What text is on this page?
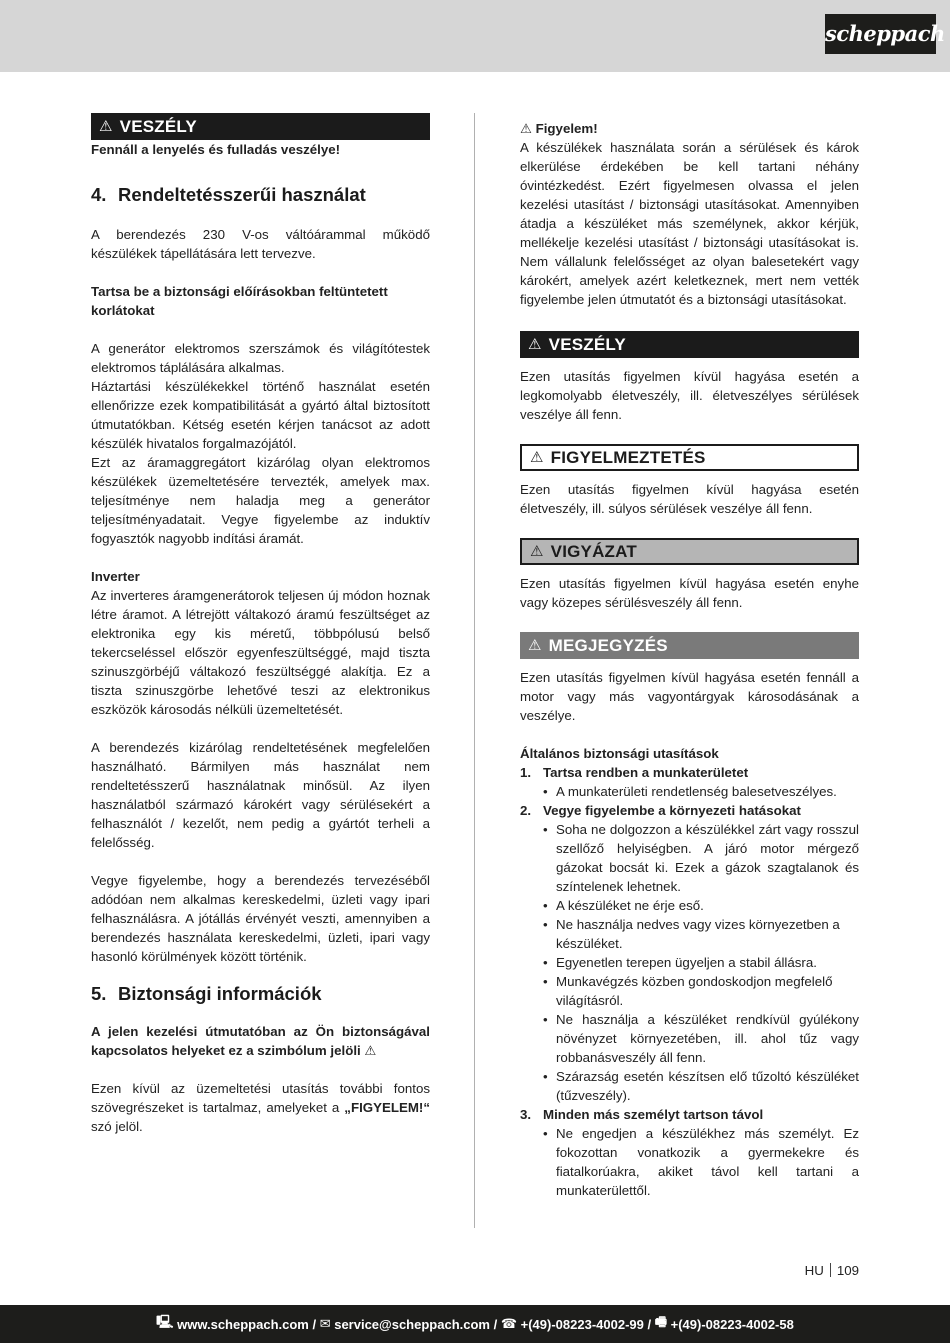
scheppach
⚠ VESZÉLY

Fennáll a lenyelés és fulladás veszélye!

4. Rendeltetésszerűi használat

A berendezés 230 V-os váltóárammal működő készülékek tápellátására lett tervezve.

Tartsa be a biztonsági előírásokban feltüntetett korlátokat

A generátor elektromos szerszámok és világítótestek elektromos táplálására alkalmas.

Háztartási készülékekkel történő használat esetén ellenőrizze ezek kompatibilitását a gyártó által biztosított útmutatókban. Kétség esetén kérjen tanácsot az adott készülék hivatalos forgalmazójától.

Ezt az áramaggregátort kizárólag olyan elektromos készülékek üzemeltetésére tervezték, amelyek max. teljesítménye nem haladja meg a generátor teljesítményadatait. Vegye figyelembe az induktív fogyasztók nagyobb indítási áramát.

Inverter

Az inverteres áramgenerátorok teljesen új módon hoznak létre áramot. A létrejött váltakozó áramú feszültséget az elektronika egy kis méretű, többpólusú belső tekercseléssel először egyenfeszültséggé, majd tiszta szinuszgörbéjű váltakozó feszültséggé alakítja. Ez a tiszta szinuszgörbe lehetővé teszi az elektronikus eszközök károsodás nélküli üzemeltetését.

A berendezés kizárólag rendeltetésének megfelelően használható. Bármilyen más használat nem rendeltetésszerű használatnak minősül. Az ilyen használatból származó károkért vagy sérülésekért a felhasználót / kezelőt, nem pedig a gyártót terheli a felelősség.

Vegye figyelembe, hogy a berendezés tervezéséből adódóan nem alkalmas kereskedelmi, üzleti vagy ipari felhasználásra. A jótállás érvényét veszti, amennyiben a berendezés használata kereskedelmi, üzleti, ipari vagy hasonló körülmények között történik.

5. Biztonsági információk

A jelen kezelési útmutatóban az Ön biztonságával kapcsolatos helyeket ez a szimbólum jelöli ⚠

Ezen kívül az üzemeltetési utasítás további fontos szövegrészeket is tartalmaz, amelyeket a „FIGYELEM!“ szó jelöl.

⚠ Figyelem!

A készülékek használata során a sérülések és károk elkerülése érdekében be kell tartani néhány óvintézkedést. Ezért figyelmesen olvassa el jelen kezelési utasítást / biztonsági utasításokat. Amennyiben átadja a készüléket más személynek, akkor kérjük, mellékelje kezelési utasítást / biztonsági utasításokat is. Nem vállalunk felelősséget az olyan balesetekért vagy károkért, amelyek azért keletkeznek, mert nem vették figyelembe jelen útmutatót és a biztonsági utasításokat.

⚠ VESZÉLY

Ezen utasítás figyelmen kívül hagyása esetén a legkomolyabb életveszély, ill. életveszélyes sérülések veszélye áll fenn.

⚠ FIGYELMEZTETÉS

Ezen utasítás figyelmen kívül hagyása esetén életveszély, ill. súlyos sérülések veszélye áll fenn.

⚠ VIGYÁZAT

Ezen utasítás figyelmen kívül hagyása esetén enyhe vagy közepes sérülésveszély áll fenn.

⚠ MEGJEGYZÉS

Ezen utasítás figyelmen kívül hagyása esetén fennáll a motor vagy más vagyontárgyak károsodásának a veszélye.

Általános biztonsági utasítások

1. Tartsa rendben a munkaterületet
• A munkaterületi rendetlenség balesetveszélyes.
2. Vegye figyelembe a környezeti hatásokat
• Soha ne dolgozzon a készülékkel zárt vagy rosszul szellőző helyiségben. A járó motor mérgező gázokat bocsát ki. Ezek a gázok szagtalanok és színtelenek lehetnek.
• A készüléket ne érje eső.
• Ne használja nedves vagy vizes környezetben a készüléket.
• Egyenetlen terepen ügyeljen a stabil állásra.
• Munkavégzés közben gondoskodjon megfelelő világításról.
• Ne használja a készüléket rendkívül gyúlékony növényzet környezetében, ill. ahol tűz vagy robbanásveszély áll fenn.
• Szárazság esetén készítsen elő tűzoltó készüléket (tűzveszély).
3. Minden más személyt tartson távol
• Ne engedjen a készülékhez más személyt. Ez fokozottan vonatkozik a gyermekekre és fiatalkorúakra, akiket távol kell tartani a munkaterülettől.
HU 109
🖳 www.scheppach.com / ✉ service@scheppach.com / ☎ +(49)-08223-4002-99 / 🖷 +(49)-08223-4002-58
